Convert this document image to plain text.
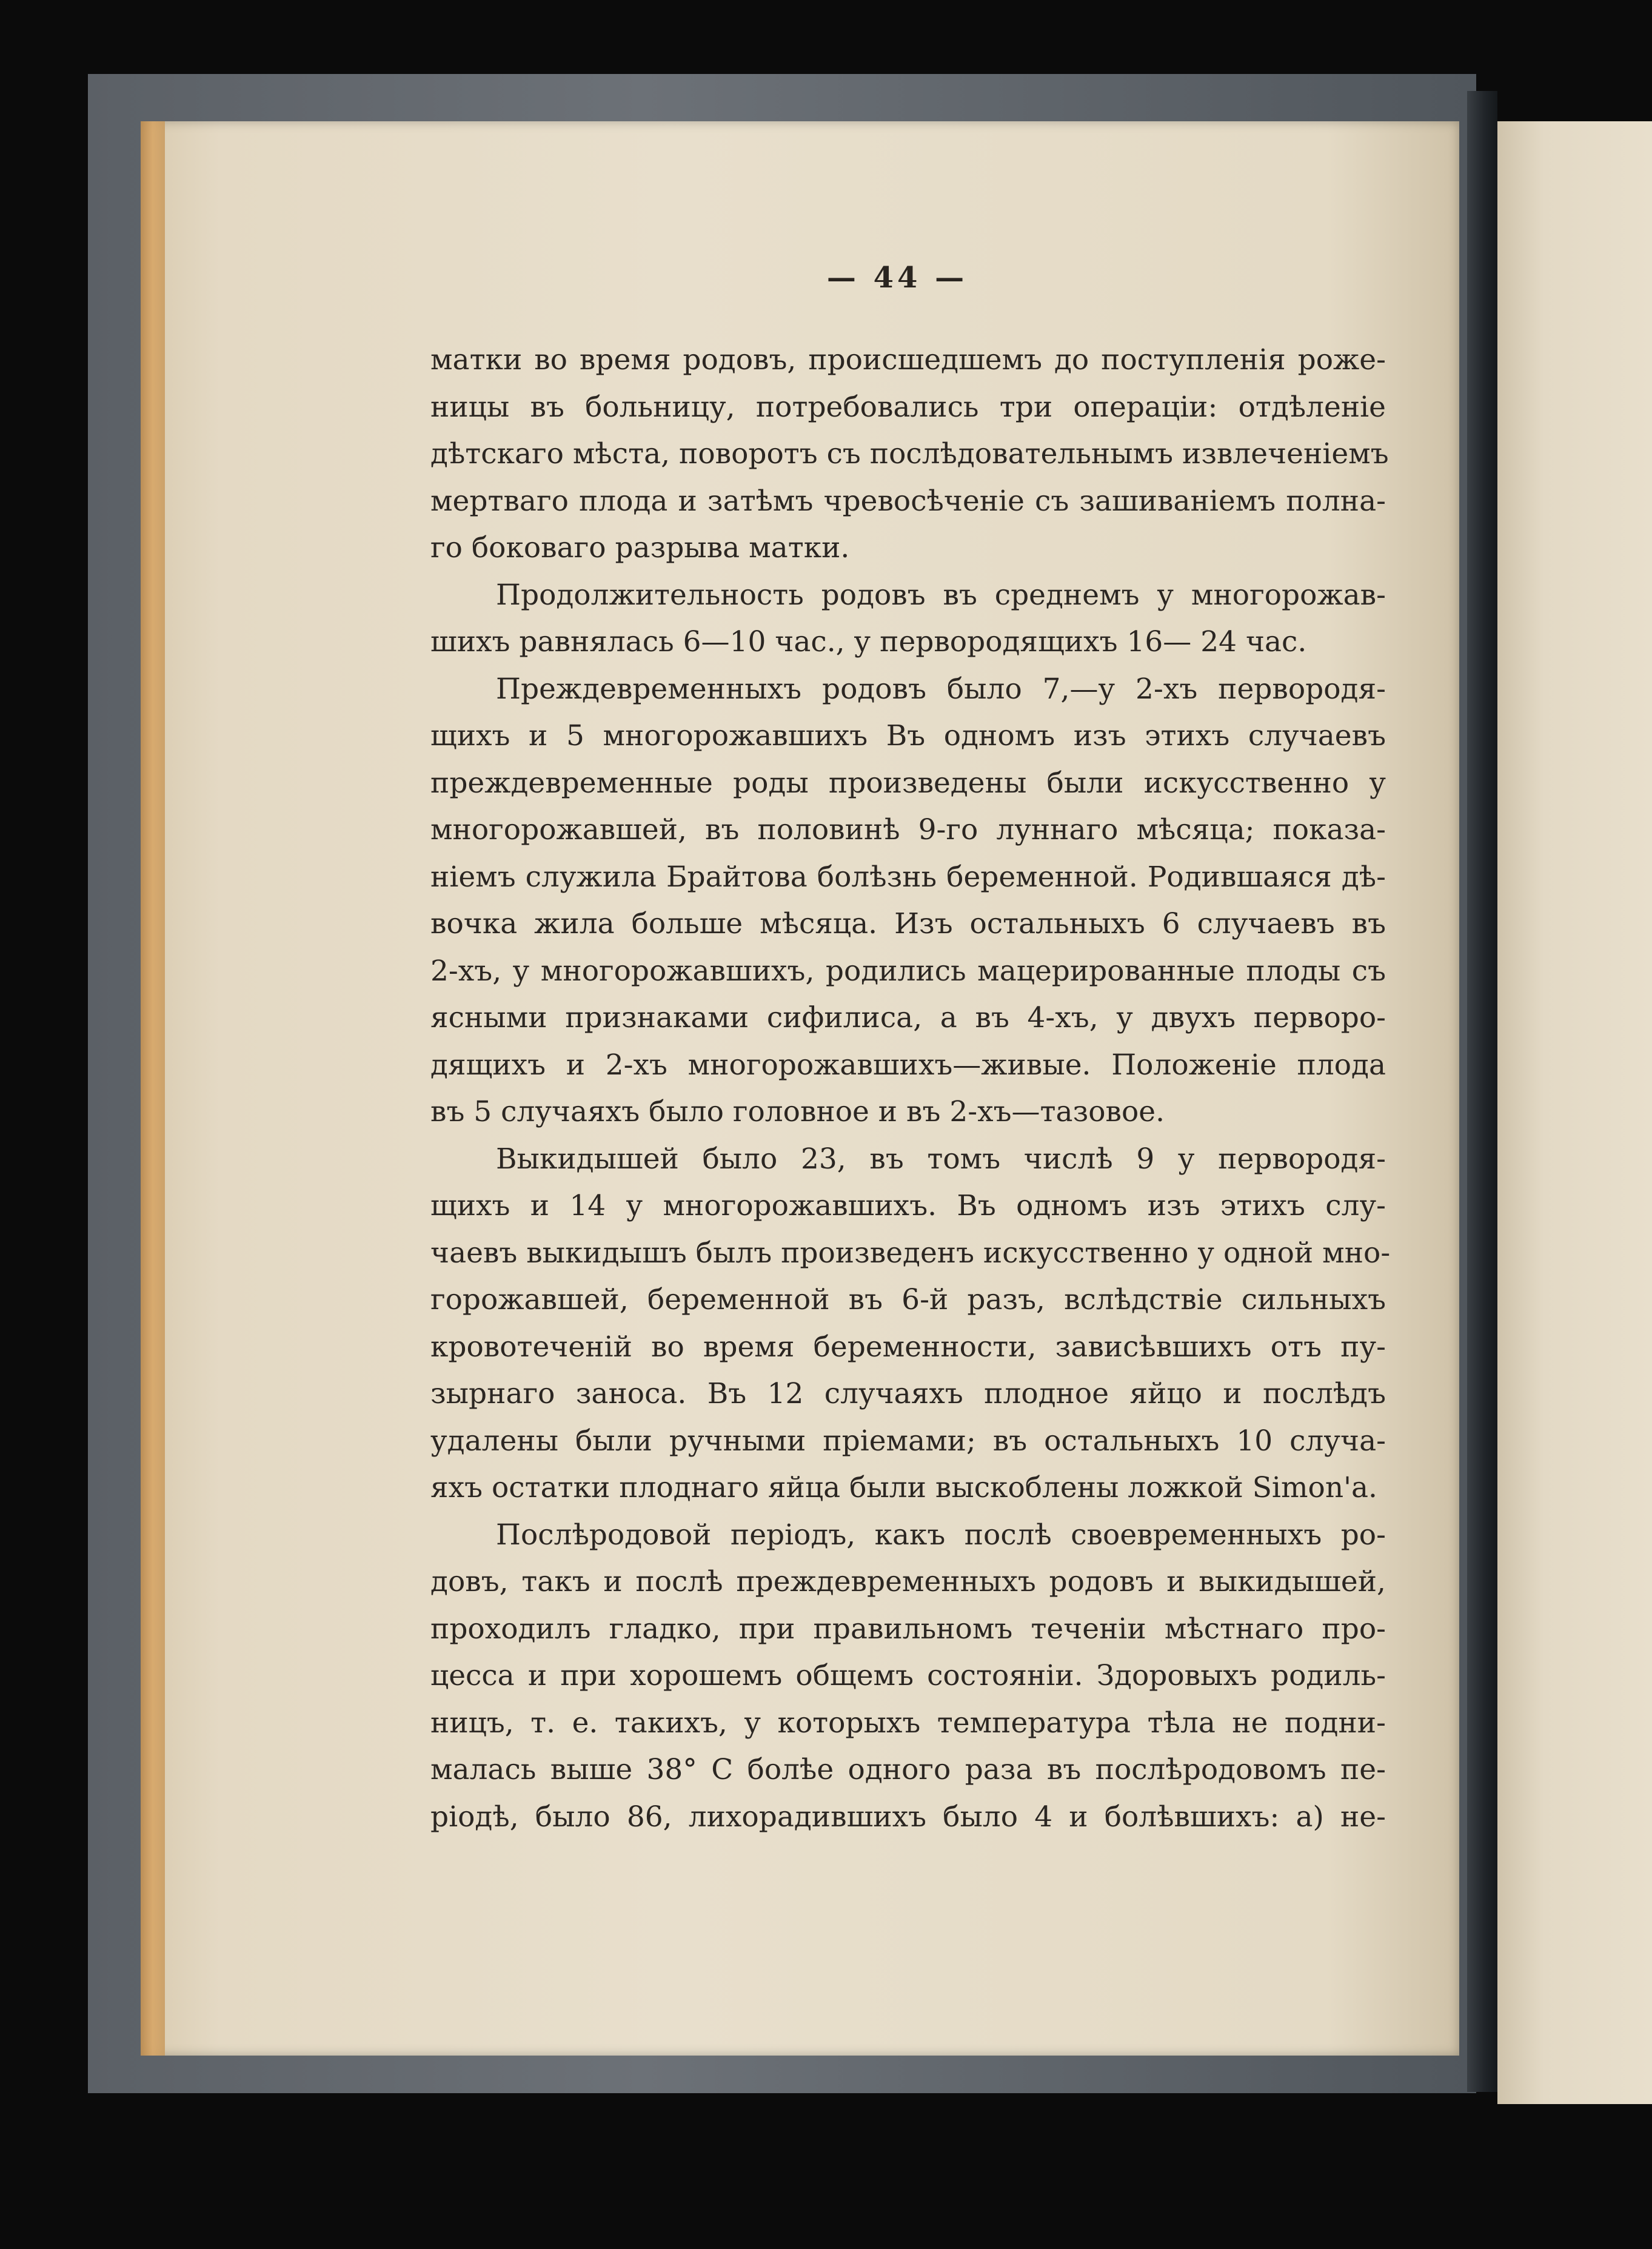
— 44 —
матки во время родовъ, происшедшемъ до поступленія роже-
ницы въ больницу, потребовались три операціи: отдѣленіе
дѣтскаго мѣста, поворотъ съ послѣдовательнымъ извлеченіемъ
мертваго плода и затѣмъ чревосѣченіе съ зашиваніемъ полна-
го боковаго разрыва матки.
Продолжительность родовъ въ среднемъ у многорожав-
шихъ равнялась 6—10 час., у первородящихъ 16— 24 час.
Преждевременныхъ родовъ было 7,—у 2-хъ первородя-
щихъ и 5 многорожавшихъ Въ одномъ изъ этихъ случаевъ
преждевременные роды произведены были искусственно у
многорожавшей, въ половинѣ 9-го луннаго мѣсяца; показа-
ніемъ служила Брайтова болѣзнь беременной. Родившаяся дѣ-
вочка жила больше мѣсяца. Изъ остальныхъ 6 случаевъ въ
2-хъ, у многорожавшихъ, родились мацерированные плоды съ
ясными признаками сифилиса, а въ 4-хъ, у двухъ первоpo-
дящихъ и 2-хъ многорожавшихъ—живые. Положеніе плода
въ 5 случаяхъ было головное и въ 2-хъ—тазовое.
Выкидышей было 23, въ томъ числѣ 9 у первородя-
щихъ и 14 у многорожавшихъ. Въ одномъ изъ этихъ слу-
чаевъ выкидышъ былъ произведенъ искусственно у одной мно-
горожавшей, беременной въ 6-й разъ, вслѣдствіе сильныхъ
кровотеченій во время беременности, зависѣвшихъ отъ пу-
зырнаго заноса. Въ 12 случаяхъ плодное яйцо и послѣдъ
удалены были ручными пріемами; въ остальныхъ 10 случа-
яхъ остатки плоднаго яйца были выскоблены ложкой Simon'a.
Послѣродовой періодъ, какъ послѣ своевременныхъ ро-
довъ, такъ и послѣ преждевременныхъ родовъ и выкидышей,
проходилъ гладко, при правильномъ теченіи мѣстнаго про-
цесса и при хорошемъ общемъ состояніи. Здоровыхъ родиль-
ницъ, т. е. такихъ, у которыхъ температура тѣла не подни-
малась выше 38° С болѣе одного раза въ послѣродовомъ пе-
ріодѣ, было 86, лихорадившихъ было 4 и болѣвшихъ: а) не-
